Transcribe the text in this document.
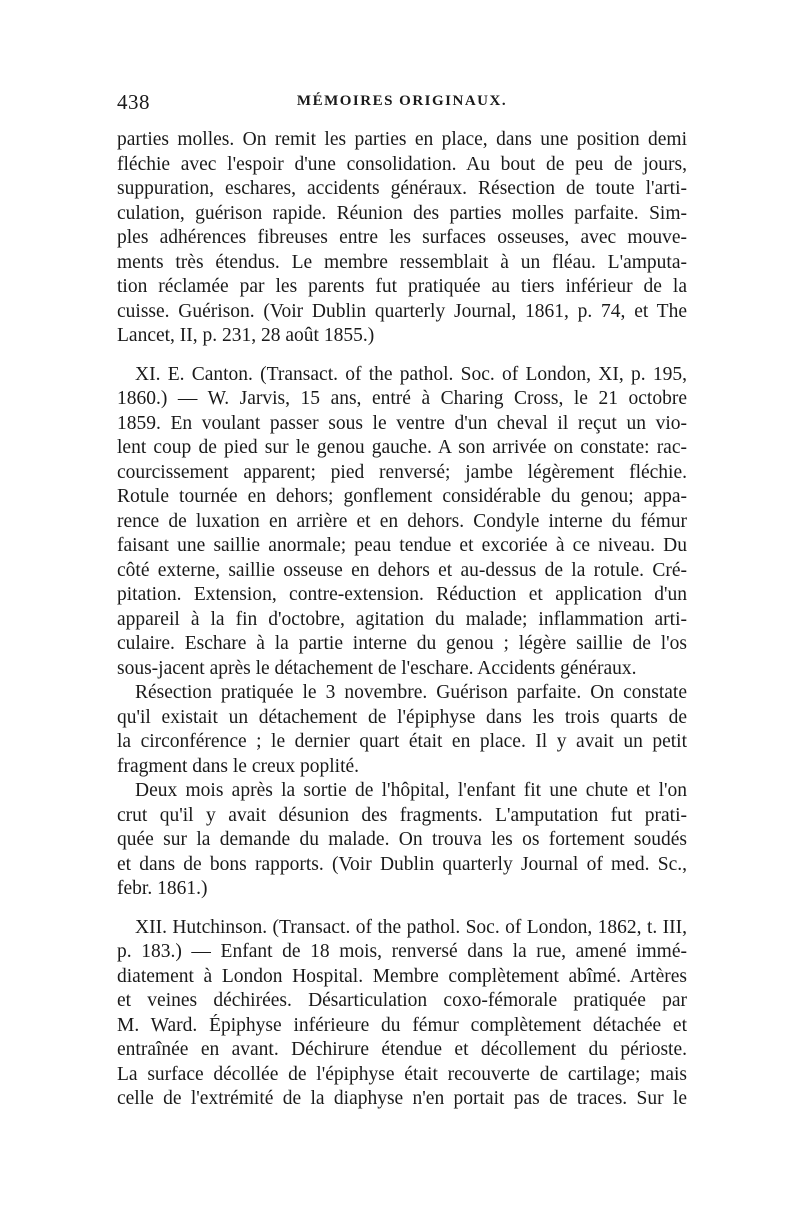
438	MÉMOIRES ORIGINAUX.
parties molles. On remit les parties en place, dans une position demi
fléchie avec l'espoir d'une consolidation. Au bout de peu de jours,
suppuration, eschares, accidents généraux. Résection de toute l'arti-
culation, guérison rapide. Réunion des parties molles parfaite. Sim-
ples adhérences fibreuses entre les surfaces osseuses, avec mouve-
ments très étendus. Le membre ressemblait à un fléau. L'amputa-
tion réclamée par les parents fut pratiquée au tiers inférieur de la
cuisse. Guérison. (Voir Dublin quarterly Journal, 1861, p. 74, et The
Lancet, II, p. 231, 28 août 1855.)
XI. E. Canton. (Transact. of the pathol. Soc. of London, XI, p. 195,
1860.) — W. Jarvis, 15 ans, entré à Charing Cross, le 21 octobre
1859. En voulant passer sous le ventre d'un cheval il reçut un vio-
lent coup de pied sur le genou gauche. A son arrivée on constate: rac-
courcissement apparent; pied renversé; jambe légèrement fléchie.
Rotule tournée en dehors; gonflement considérable du genou; appa-
rence de luxation en arrière et en dehors. Condyle interne du fémur
faisant une saillie anormale; peau tendue et excoriée à ce niveau. Du
côté externe, saillie osseuse en dehors et au-dessus de la rotule. Cré-
pitation. Extension, contre-extension. Réduction et application d'un
appareil à la fin d'octobre, agitation du malade; inflammation arti-
culaire. Eschare à la partie interne du genou ; légère saillie de l'os
sous-jacent après le détachement de l'eschare. Accidents généraux.
Résection pratiquée le 3 novembre. Guérison parfaite. On constate
qu'il existait un détachement de l'épiphyse dans les trois quarts de
la circonférence ; le dernier quart était en place. Il y avait un petit
fragment dans le creux poplité.
Deux mois après la sortie de l'hôpital, l'enfant fit une chute et l'on
crut qu'il y avait désunion des fragments. L'amputation fut prati-
quée sur la demande du malade. On trouva les os fortement soudés
et dans de bons rapports. (Voir Dublin quarterly Journal of med. Sc.,
febr. 1861.)
XII. Hutchinson. (Transact. of the pathol. Soc. of London, 1862, t. III,
p. 183.) — Enfant de 18 mois, renversé dans la rue, amené immé-
diatement à London Hospital. Membre complètement abîmé. Artères
et veines déchirées. Désarticulation coxo-fémorale pratiquée par
M. Ward. Épiphyse inférieure du fémur complètement détachée et
entraînée en avant. Déchirure étendue et décollement du périoste.
La surface décollée de l'épiphyse était recouverte de cartilage; mais
celle de l'extrémité de la diaphyse n'en portait pas de traces. Sur le
